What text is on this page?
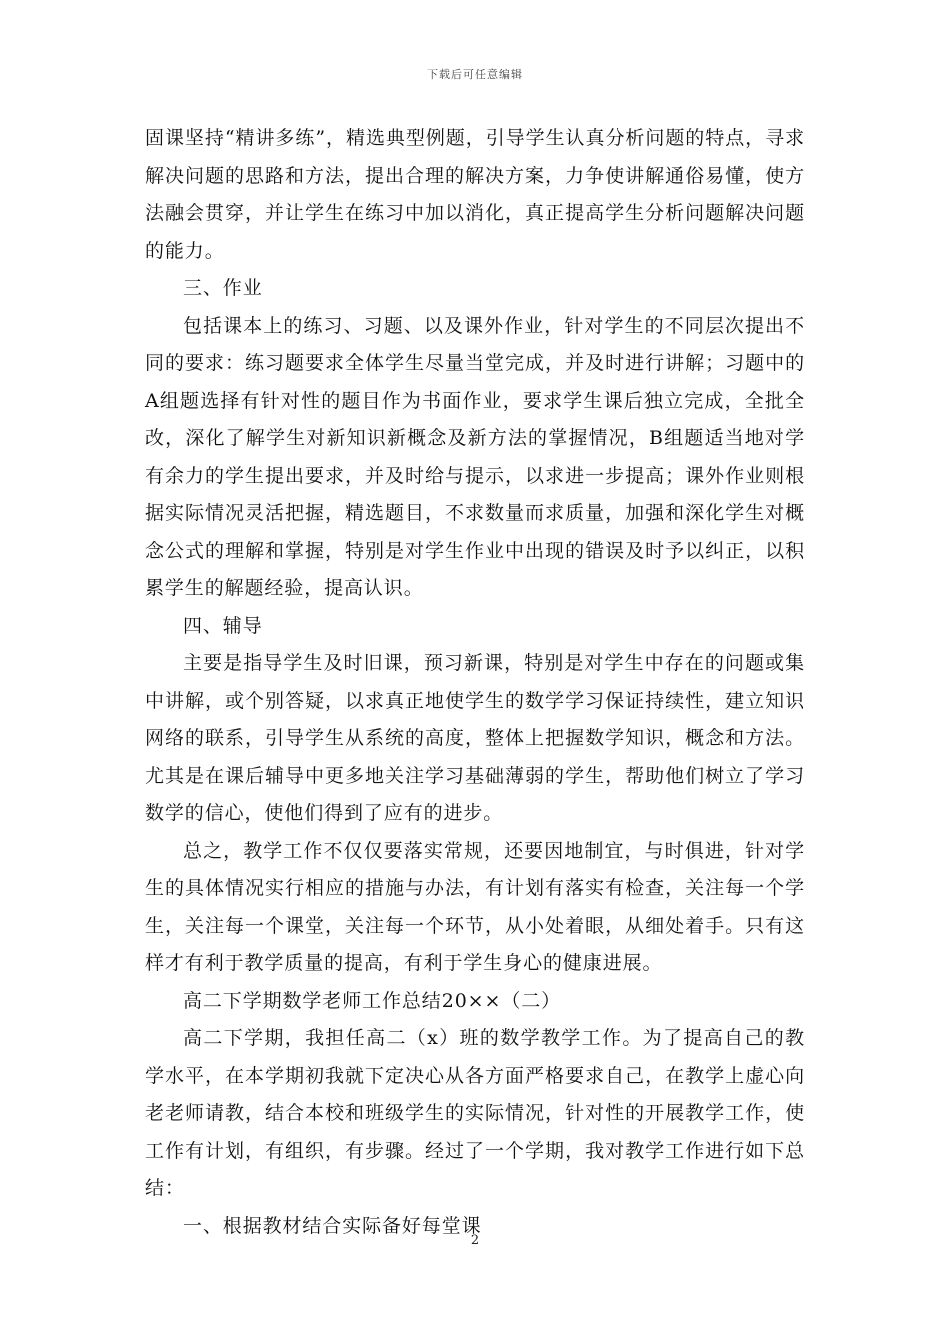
下载后可任意编辑

固课坚持“精讲多练”，精选典型例题，引导学生认真分析问题的特点，寻求解决问题的思路和方法，提出合理的解决方案，力争使讲解通俗易懂，使方法融会贯穿，并让学生在练习中加以消化，真正提高学生分析问题解决问题的能力。

三、作业

包括课本上的练习、习题、以及课外作业，针对学生的不同层次提出不同的要求：练习题要求全体学生尽量当堂完成，并及时进行讲解；习题中的A组题选择有针对性的题目作为书面作业，要求学生课后独立完成，全批全改，深化了解学生对新知识新概念及新方法的掌握情况，B组题适当地对学有余力的学生提出要求，并及时给与提示，以求进一步提高；课外作业则根据实际情况灵活把握，精选题目，不求数量而求质量，加强和深化学生对概念公式的理解和掌握，特别是对学生作业中出现的错误及时予以纠正，以积累学生的解题经验，提高认识。

四、辅导

主要是指导学生及时旧课，预习新课，特别是对学生中存在的问题或集中讲解，或个别答疑，以求真正地使学生的数学学习保证持续性，建立知识网络的联系，引导学生从系统的高度，整体上把握数学知识，概念和方法。尤其是在课后辅导中更多地关注学习基础薄弱的学生，帮助他们树立了学习数学的信心，使他们得到了应有的进步。

总之，教学工作不仅仅要落实常规，还要因地制宜，与时俱进，针对学生的具体情况实行相应的措施与办法，有计划有落实有检查，关注每一个学生，关注每一个课堂，关注每一个环节，从小处着眼，从细处着手。只有这样才有利于教学质量的提高，有利于学生身心的健康进展。

高二下学期数学老师工作总结20××（二）

高二下学期，我担任高二（x）班的数学教学工作。为了提高自己的教学水平，在本学期初我就下定决心从各方面严格要求自己，在教学上虚心向老老师请教，结合本校和班级学生的实际情况，针对性的开展教学工作，使工作有计划，有组织，有步骤。经过了一个学期，我对教学工作进行如下总结：

一、根据教材结合实际备好每堂课

2
